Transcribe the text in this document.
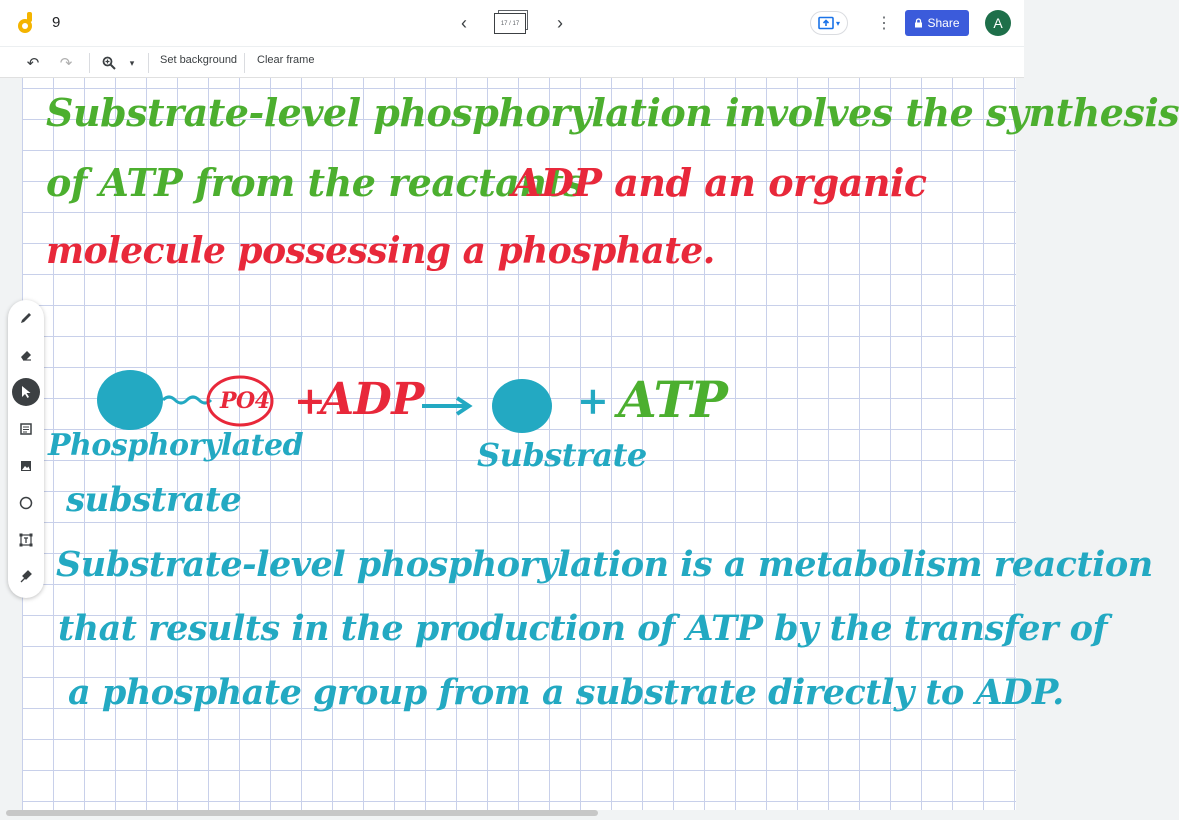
9	‹	17 / 17	›	▾ ⋮	Share	A
↶ ↷	▾ Set background Clear frame
Substrate-level phosphorylation involves the synthesis
of ATP from the reactants
ADP and an organic
molecule possessing a phosphate.
PO4 +
ADP	+ ATP
Phosphorylated
substrate
Substrate
Substrate-level phosphorylation is a metabolism reaction
that results in the production of ATP by the transfer of
a phosphate group from a substrate directly to ADP.
